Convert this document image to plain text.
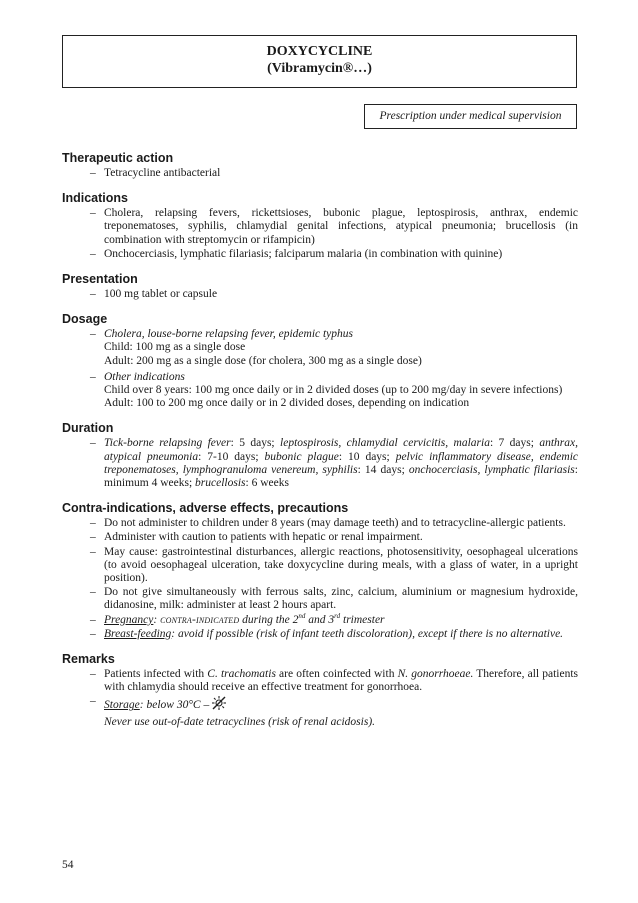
DOXYCYCLINE
(Vibramycin®…)
Prescription under medical supervision
Therapeutic action
– Tetracycline antibacterial
Indications
– Cholera, relapsing fevers, rickettsioses, bubonic plague, leptospirosis, anthrax, endemic treponematoses, syphilis, chlamydial genital infections, atypical pneumonia; brucellosis (in combination with streptomycin or rifampicin)
– Onchocerciasis, lymphatic filariasis; falciparum malaria (in combination with quinine)
Presentation
– 100 mg tablet or capsule
Dosage
– Cholera, louse-borne relapsing fever, epidemic typhus
Child: 100 mg as a single dose
Adult: 200 mg as a single dose (for cholera, 300 mg as a single dose)
– Other indications
Child over 8 years: 100 mg once daily or in 2 divided doses (up to 200 mg/day in severe infections)
Adult: 100 to 200 mg once daily or in 2 divided doses, depending on indication
Duration
– Tick-borne relapsing fever: 5 days; leptospirosis, chlamydial cervicitis, malaria: 7 days; anthrax, atypical pneumonia: 7-10 days; bubonic plague: 10 days; pelvic inflammatory disease, endemic treponematoses, lymphogranuloma venereum, syphilis: 14 days; onchocerciasis, lymphatic filariasis: minimum 4 weeks; brucellosis: 6 weeks
Contra-indications, adverse effects, precautions
– Do not administer to children under 8 years (may damage teeth) and to tetracycline-allergic patients.
– Administer with caution to patients with hepatic or renal impairment.
– May cause: gastrointestinal disturbances, allergic reactions, photosensitivity, oesophageal ulcerations (to avoid oesophageal ulceration, take doxycycline during meals, with a glass of water, in a upright position).
– Do not give simultaneously with ferrous salts, zinc, calcium, aluminium or magnesium hydroxide, didanosine, milk: administer at least 2 hours apart.
– Pregnancy: contra-indicated during the 2nd and 3rd trimester
– Breast-feeding: avoid if possible (risk of infant teeth discoloration), except if there is no alternative.
Remarks
– Patients infected with C. trachomatis are often coinfected with N. gonorrhoeae. Therefore, all patients with chlamydia should receive an effective treatment for gonorrhoea.
– Storage: below 30°C –
Never use out-of-date tetracyclines (risk of renal acidosis).
54
